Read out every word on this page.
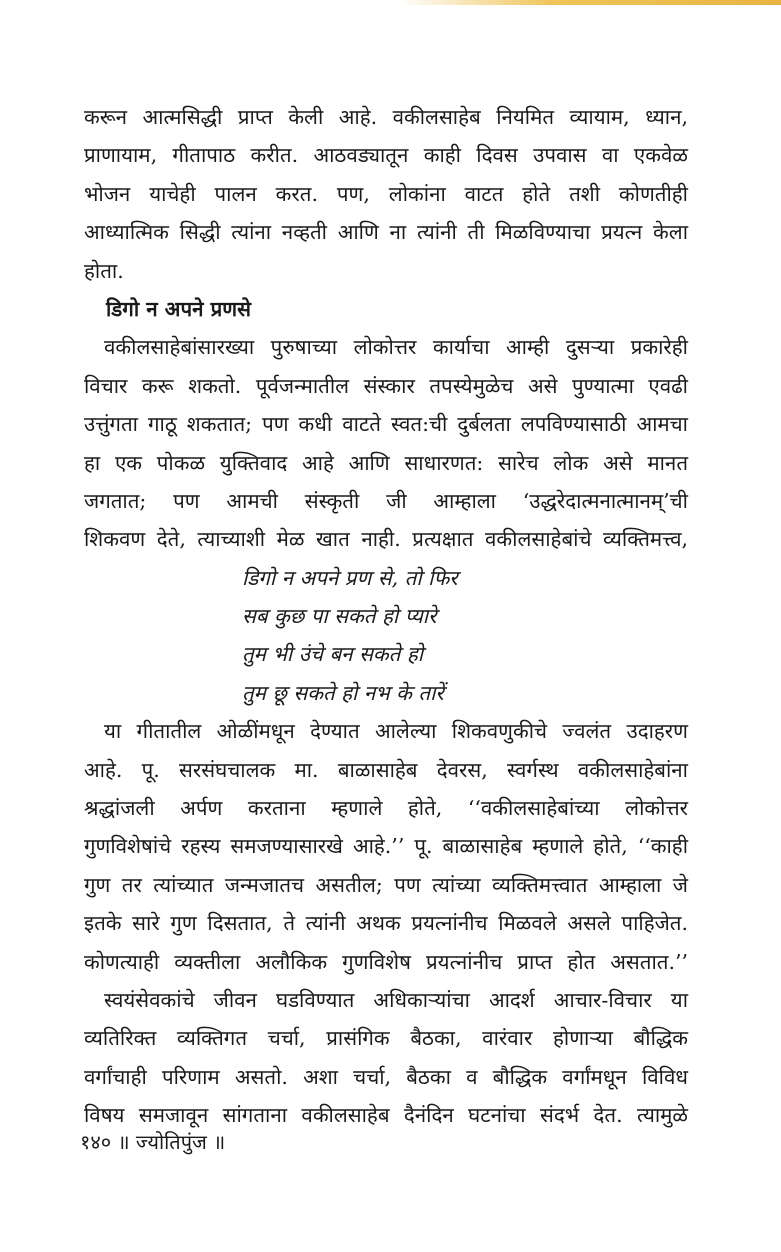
करून आत्मसिद्धी प्राप्त केली आहे. वकीलसाहेब नियमित व्यायाम, ध्यान,
प्राणायाम, गीतापाठ करीत. आठवड्यातून काही दिवस उपवास वा एकवेळ
भोजन याचेही पालन करत. पण, लोकांना वाटत होते तशी कोणतीही
आध्यात्मिक सिद्धी त्यांना नव्हती आणि ना त्यांनी ती मिळविण्याचा प्रयत्न केला
होता.
डिगो न अपने प्रणसे
वकीलसाहेबांसारख्या पुरुषाच्या लोकोत्तर कार्याचा आम्ही दुसऱ्या प्रकारेही
विचार करू शकतो. पूर्वजन्मातील संस्कार तपस्येमुळेच असे पुण्यात्मा एवढी
उत्तुंगता गाठू शकतात; पण कधी वाटते स्वत:ची दुर्बलता लपविण्यासाठी आमचा
हा एक पोकळ युक्तिवाद आहे आणि साधारणत: सारेच लोक असे मानत
जगतात; पण आमची संस्कृती जी आम्हाला ‘उद्धरेदात्मनात्मानम्’ची
शिकवण देते, त्याच्याशी मेळ खात नाही. प्रत्यक्षात वकीलसाहेबांचे व्यक्तिमत्त्व,
डिगो न अपने प्रण से, तो फिर
सब कुछ पा सकते हो प्यारे
तुम भी उंचे बन सकते हो
तुम छू सकते हो नभ के तारें
या गीतातील ओळींमधून देण्यात आलेल्या शिकवणुकीचे ज्वलंत उदाहरण
आहे. पू. सरसंघचालक मा. बाळासाहेब देवरस, स्वर्गस्थ वकीलसाहेबांना
श्रद्धांजली अर्पण करताना म्हणाले होते, ‘‘वकीलसाहेबांच्या लोकोत्तर
गुणविशेषांचे रहस्य समजण्यासारखे आहे.’’ पू. बाळासाहेब म्हणाले होते, ‘‘काही
गुण तर त्यांच्यात जन्मजातच असतील; पण त्यांच्या व्यक्तिमत्त्वात आम्हाला जे
इतके सारे गुण दिसतात, ते त्यांनी अथक प्रयत्नांनीच मिळवले असले पाहिजेत.
कोणत्याही व्यक्तीला अलौकिक गुणविशेष प्रयत्नांनीच प्राप्त होत असतात.’’
स्वयंसेवकांचे जीवन घडविण्यात अधिकाऱ्यांचा आदर्श आचार-विचार या
व्यतिरिक्त व्यक्तिगत चर्चा, प्रासंगिक बैठका, वारंवार होणाऱ्या बौद्धिक
वर्गांचाही परिणाम असतो. अशा चर्चा, बैठका व बौद्धिक वर्गांमधून विविध
विषय समजावून सांगताना वकीलसाहेब दैनंदिन घटनांचा संदर्भ देत. त्यामुळे
१४० ॥ ज्योतिपुंज ॥
